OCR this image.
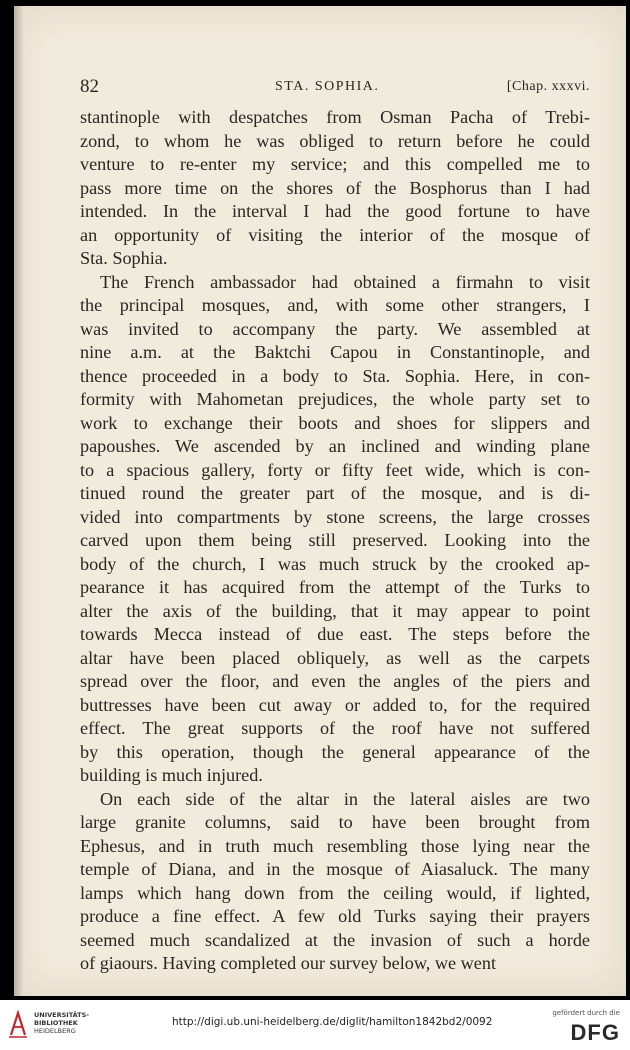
82	STA. SOPHIA.	[Chap. xxxvi.
stantinople with despatches from Osman Pacha of Trebi-
zond, to whom he was obliged to return before he could
venture to re-enter my service; and this compelled me to
pass more time on the shores of the Bosphorus than I had
intended. In the interval I had the good fortune to have
an opportunity of visiting the interior of the mosque of
Sta. Sophia.
The French ambassador had obtained a firmahn to visit
the principal mosques, and, with some other strangers, I
was invited to accompany the party. We assembled at
nine a.m. at the Baktchi Capou in Constantinople, and
thence proceeded in a body to Sta. Sophia. Here, in con-
formity with Mahometan prejudices, the whole party set to
work to exchange their boots and shoes for slippers and
papoushes. We ascended by an inclined and winding plane
to a spacious gallery, forty or fifty feet wide, which is con-
tinued round the greater part of the mosque, and is di-
vided into compartments by stone screens, the large crosses
carved upon them being still preserved. Looking into the
body of the church, I was much struck by the crooked ap-
pearance it has acquired from the attempt of the Turks to
alter the axis of the building, that it may appear to point
towards Mecca instead of due east. The steps before the
altar have been placed obliquely, as well as the carpets
spread over the floor, and even the angles of the piers and
buttresses have been cut away or added to, for the required
effect. The great supports of the roof have not suffered
by this operation, though the general appearance of the
building is much injured.
On each side of the altar in the lateral aisles are two
large granite columns, said to have been brought from
Ephesus, and in truth much resembling those lying near the
temple of Diana, and in the mosque of Aiasaluck. The many
lamps which hang down from the ceiling would, if lighted,
produce a fine effect. A few old Turks saying their prayers
seemed much scandalized at the invasion of such a horde
of giaours. Having completed our survey below, we went
UNIVERSITÄTS-
BIBLIOTHEK
HEIDELBERG
http://digi.ub.uni-heidelberg.de/diglit/hamilton1842bd2/0092
gefördert durch die
DFG
